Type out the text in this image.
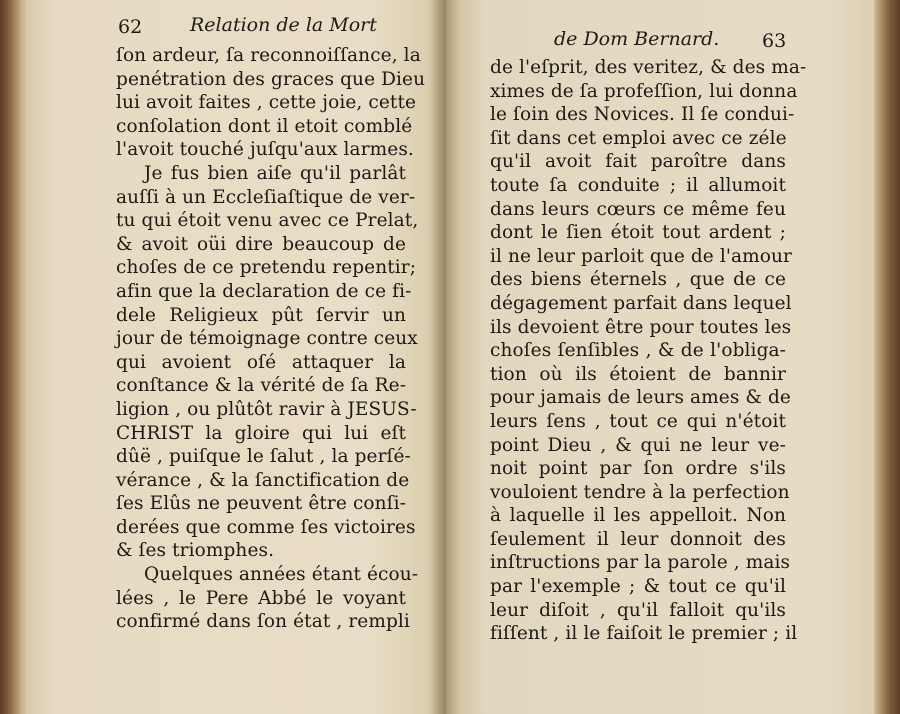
62	Relation de la Mort
ſon ardeur, ſa reconnoiſſance, la
penétration des graces que Dieu
lui avoit faites , cette joie, cette
conſolation dont il etoit comblé
l'avoit touché juſqu'aux larmes.
Je fus bien aiſe qu'il parlât
auſſi à un Eccleſiaſtique de ver-
tu qui étoit venu avec ce Prelat,
& avoit oüi dire beaucoup de
choſes de ce pretendu repentir;
afin que la declaration de ce fi-
dele Religieux pût ſervir un
jour de témoignage contre ceux
qui avoient oſé attaquer la
conſtance & la vérité de ſa Re-
ligion , ou plûtôt ravir à JESUS-
CHRIST la gloire qui lui eſt
dûë , puiſque le ſalut , la perſé-
vérance , & la ſanctification de
ſes Elûs ne peuvent être conſi-
derées que comme ſes victoires
& ſes triomphes.
Quelques années étant écou-
lées , le Pere Abbé le voyant
confirmé dans ſon état , rempli
de Dom Bernard. 63
de l'eſprit, des veritez, & des ma-
ximes de ſa profeſſion, lui donna
le ſoin des Novices. Il ſe condui-
ſit dans cet emploi avec ce zéle
qu'il avoit fait paroître dans
toute ſa conduite ; il allumoit
dans leurs cœurs ce même feu
dont le ſien étoit tout ardent ;
il ne leur parloit que de l'amour
des biens éternels , que de ce
dégagement parfait dans lequel
ils devoient être pour toutes les
choſes ſenſibles , & de l'obliga-
tion où ils étoient de bannir
pour jamais de leurs ames & de
leurs ſens , tout ce qui n'étoit
point Dieu , & qui ne leur ve-
noit point par ſon ordre s'ils
vouloient tendre à la perfection
à laquelle il les appelloit. Non
ſeulement il leur donnoit des
inſtructions par la parole , mais
par l'exemple ; & tout ce qu'il
leur diſoit , qu'il falloit qu'ils
fiſſent , il le faiſoit le premier ; il
